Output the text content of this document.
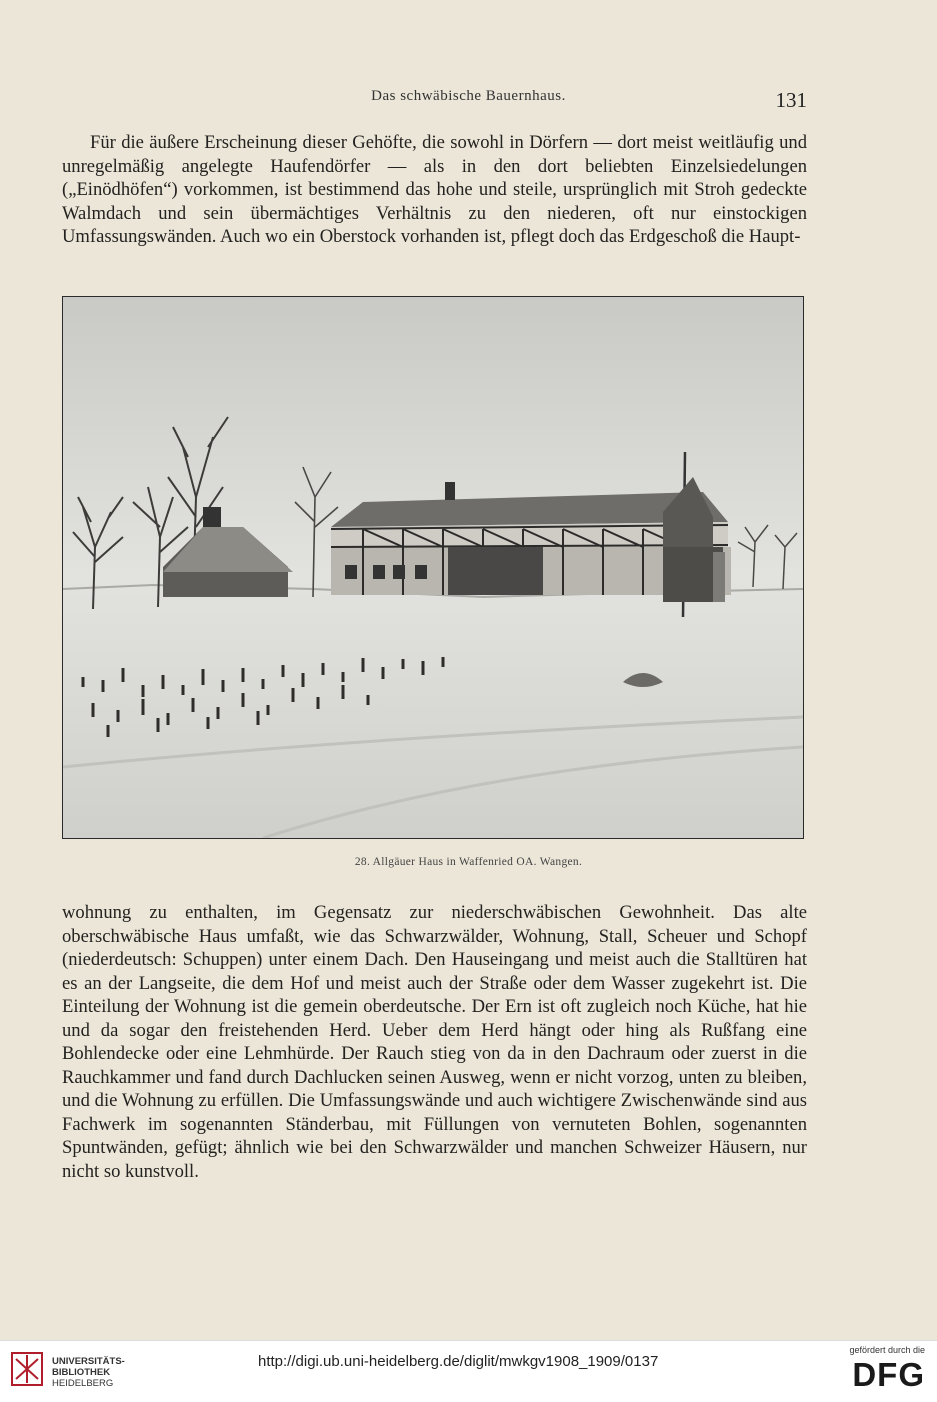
Das schwäbische Bauernhaus.	131

Für die äußere Erscheinung dieser Gehöfte, die sowohl in Dörfern — dort meist weitläufig und unregelmäßig angelegte Haufendörfer — als in den dort beliebten Einzelsiedelungen („Einödhöfen“) vorkommen, ist bestimmend das hohe und steile, ursprünglich mit Stroh gedeckte Walmdach und sein übermächtiges Verhältnis zu den niederen, oft nur einstockigen Umfassungswänden. Auch wo ein Oberstock vorhanden ist, pflegt doch das Erdgeschoß die Haupt-

28. Allgäuer Haus in Waffenried OA. Wangen.

wohnung zu enthalten, im Gegensatz zur niederschwäbischen Gewohnheit. Das alte oberschwäbische Haus umfaßt, wie das Schwarzwälder, Wohnung, Stall, Scheuer und Schopf (niederdeutsch: Schuppen) unter einem Dach. Den Hauseingang und meist auch die Stalltüren hat es an der Langseite, die dem Hof und meist auch der Straße oder dem Wasser zugekehrt ist. Die Einteilung der Wohnung ist die gemein oberdeutsche. Der Ern ist oft zugleich noch Küche, hat hie und da sogar den freistehenden Herd. Ueber dem Herd hängt oder hing als Rußfang eine Bohlendecke oder eine Lehmhürde. Der Rauch stieg von da in den Dachraum oder zuerst in die Rauchkammer und fand durch Dachlucken seinen Ausweg, wenn er nicht vorzog, unten zu bleiben, und die Wohnung zu erfüllen. Die Umfassungswände und auch wichtigere Zwischenwände sind aus Fachwerk im sogenannten Ständerbau, mit Füllungen von vernuteten Bohlen, sogenannten Spuntwänden, gefügt; ähnlich wie bei den Schwarzwälder und manchen Schweizer Häusern, nur nicht so kunstvoll.

UNIVERSITÄTS-
BIBLIOTHEK
HEIDELBERG
http://digi.ub.uni-heidelberg.de/diglit/mwkgv1908_1909/0137
gefördert durch die
DFG
